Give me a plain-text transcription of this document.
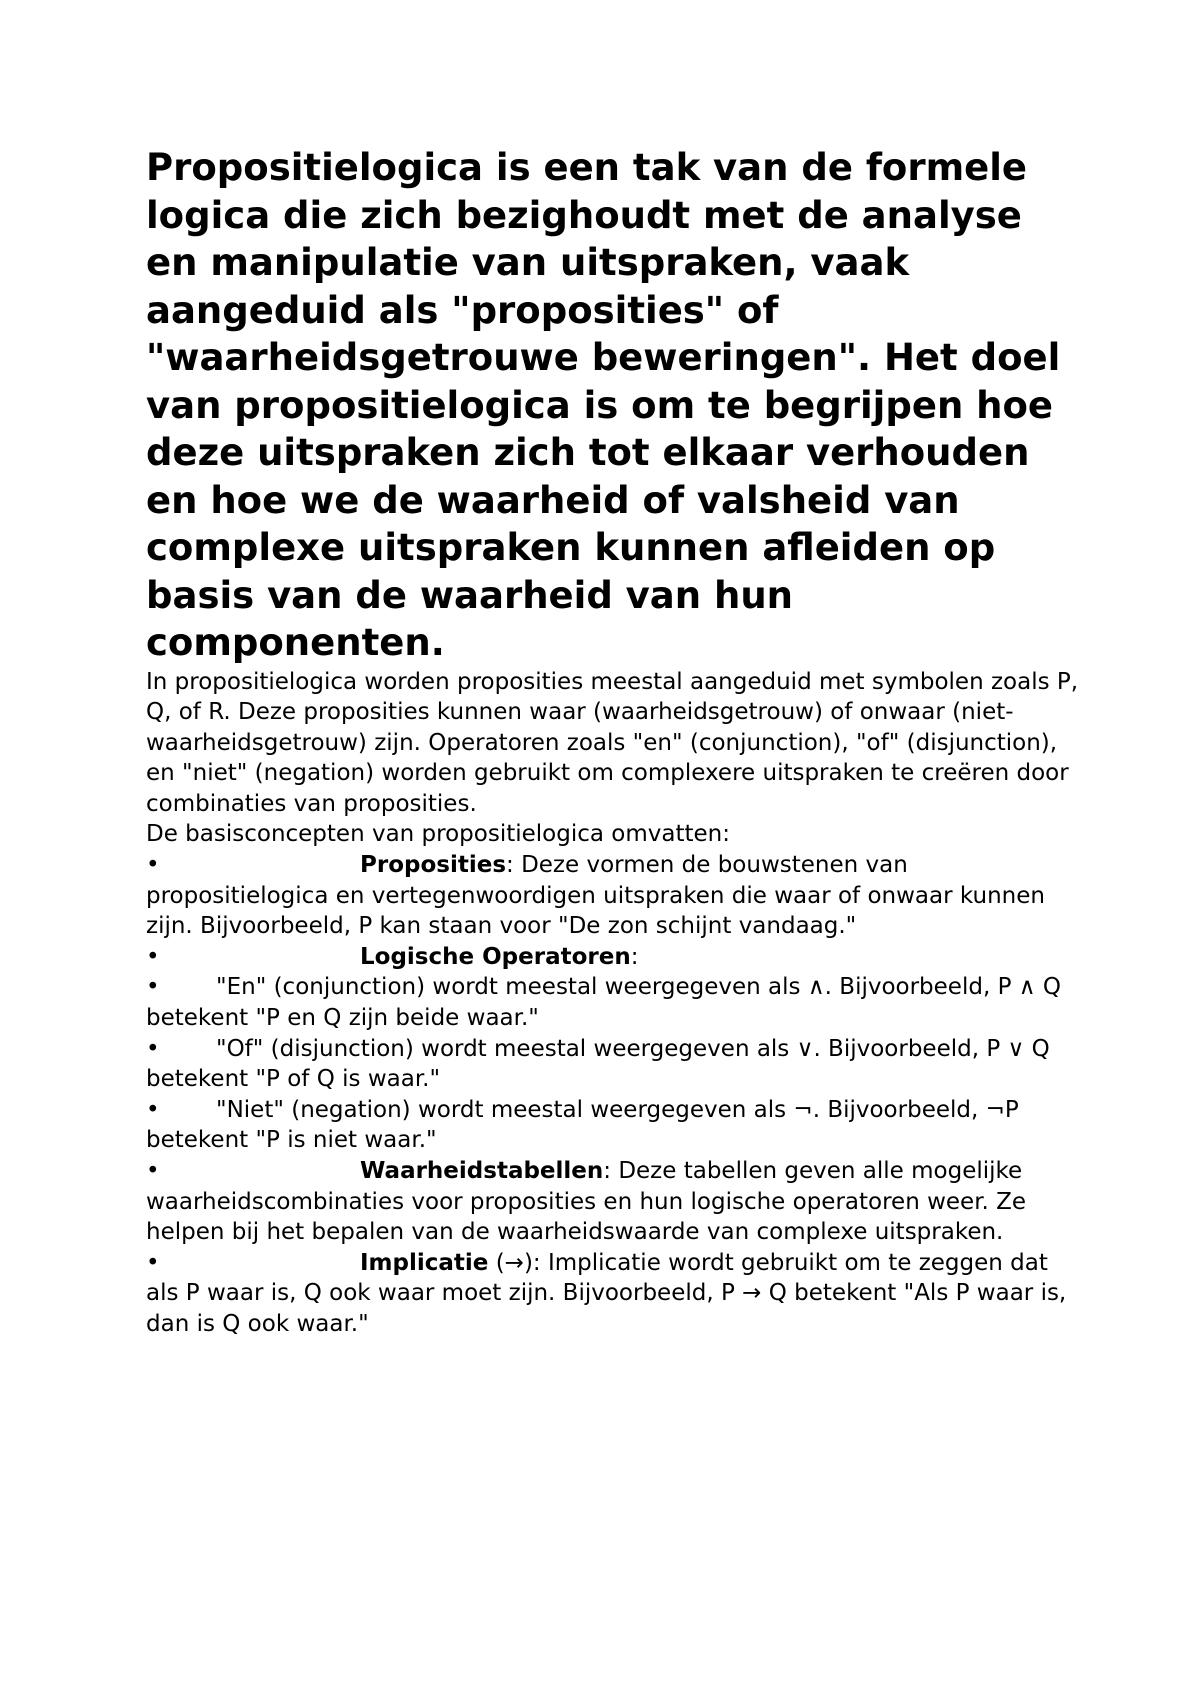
Propositielogica is een tak van de formele logica die zich bezighoudt met de analyse en manipulatie van uitspraken, vaak aangeduid als "proposities" of "waarheidsgetrouwe beweringen". Het doel van propositielogica is om te begrijpen hoe deze uitspraken zich tot elkaar verhouden en hoe we de waarheid of valsheid van complexe uitspraken kunnen afleiden op basis van de waarheid van hun componenten.

In propositielogica worden proposities meestal aangeduid met symbolen zoals P, Q, of R. Deze proposities kunnen waar (waarheidsgetrouw) of onwaar (niet-waarheidsgetrouw) zijn. Operatoren zoals "en" (conjunction), "of" (disjunction), en "niet" (negation) worden gebruikt om complexere uitspraken te creëren door combinaties van proposities.

De basisconcepten van propositielogica omvatten:

•	Proposities: Deze vormen de bouwstenen van propositielogica en vertegenwoordigen uitspraken die waar of onwaar kunnen zijn. Bijvoorbeeld, P kan staan voor "De zon schijnt vandaag."

•	Logische Operatoren:

• "En" (conjunction) wordt meestal weergegeven als ∧. Bijvoorbeeld, P ∧ Q betekent "P en Q zijn beide waar."

• "Of" (disjunction) wordt meestal weergegeven als ∨. Bijvoorbeeld, P ∨ Q betekent "P of Q is waar."

• "Niet" (negation) wordt meestal weergegeven als ¬. Bijvoorbeeld, ¬P betekent "P is niet waar."

•	Waarheidstabellen: Deze tabellen geven alle mogelijke waarheidscombinaties voor proposities en hun logische operatoren weer. Ze helpen bij het bepalen van de waarheidswaarde van complexe uitspraken.

•	Implicatie (→): Implicatie wordt gebruikt om te zeggen dat als P waar is, Q ook waar moet zijn. Bijvoorbeeld, P → Q betekent "Als P waar is, dan is Q ook waar."
